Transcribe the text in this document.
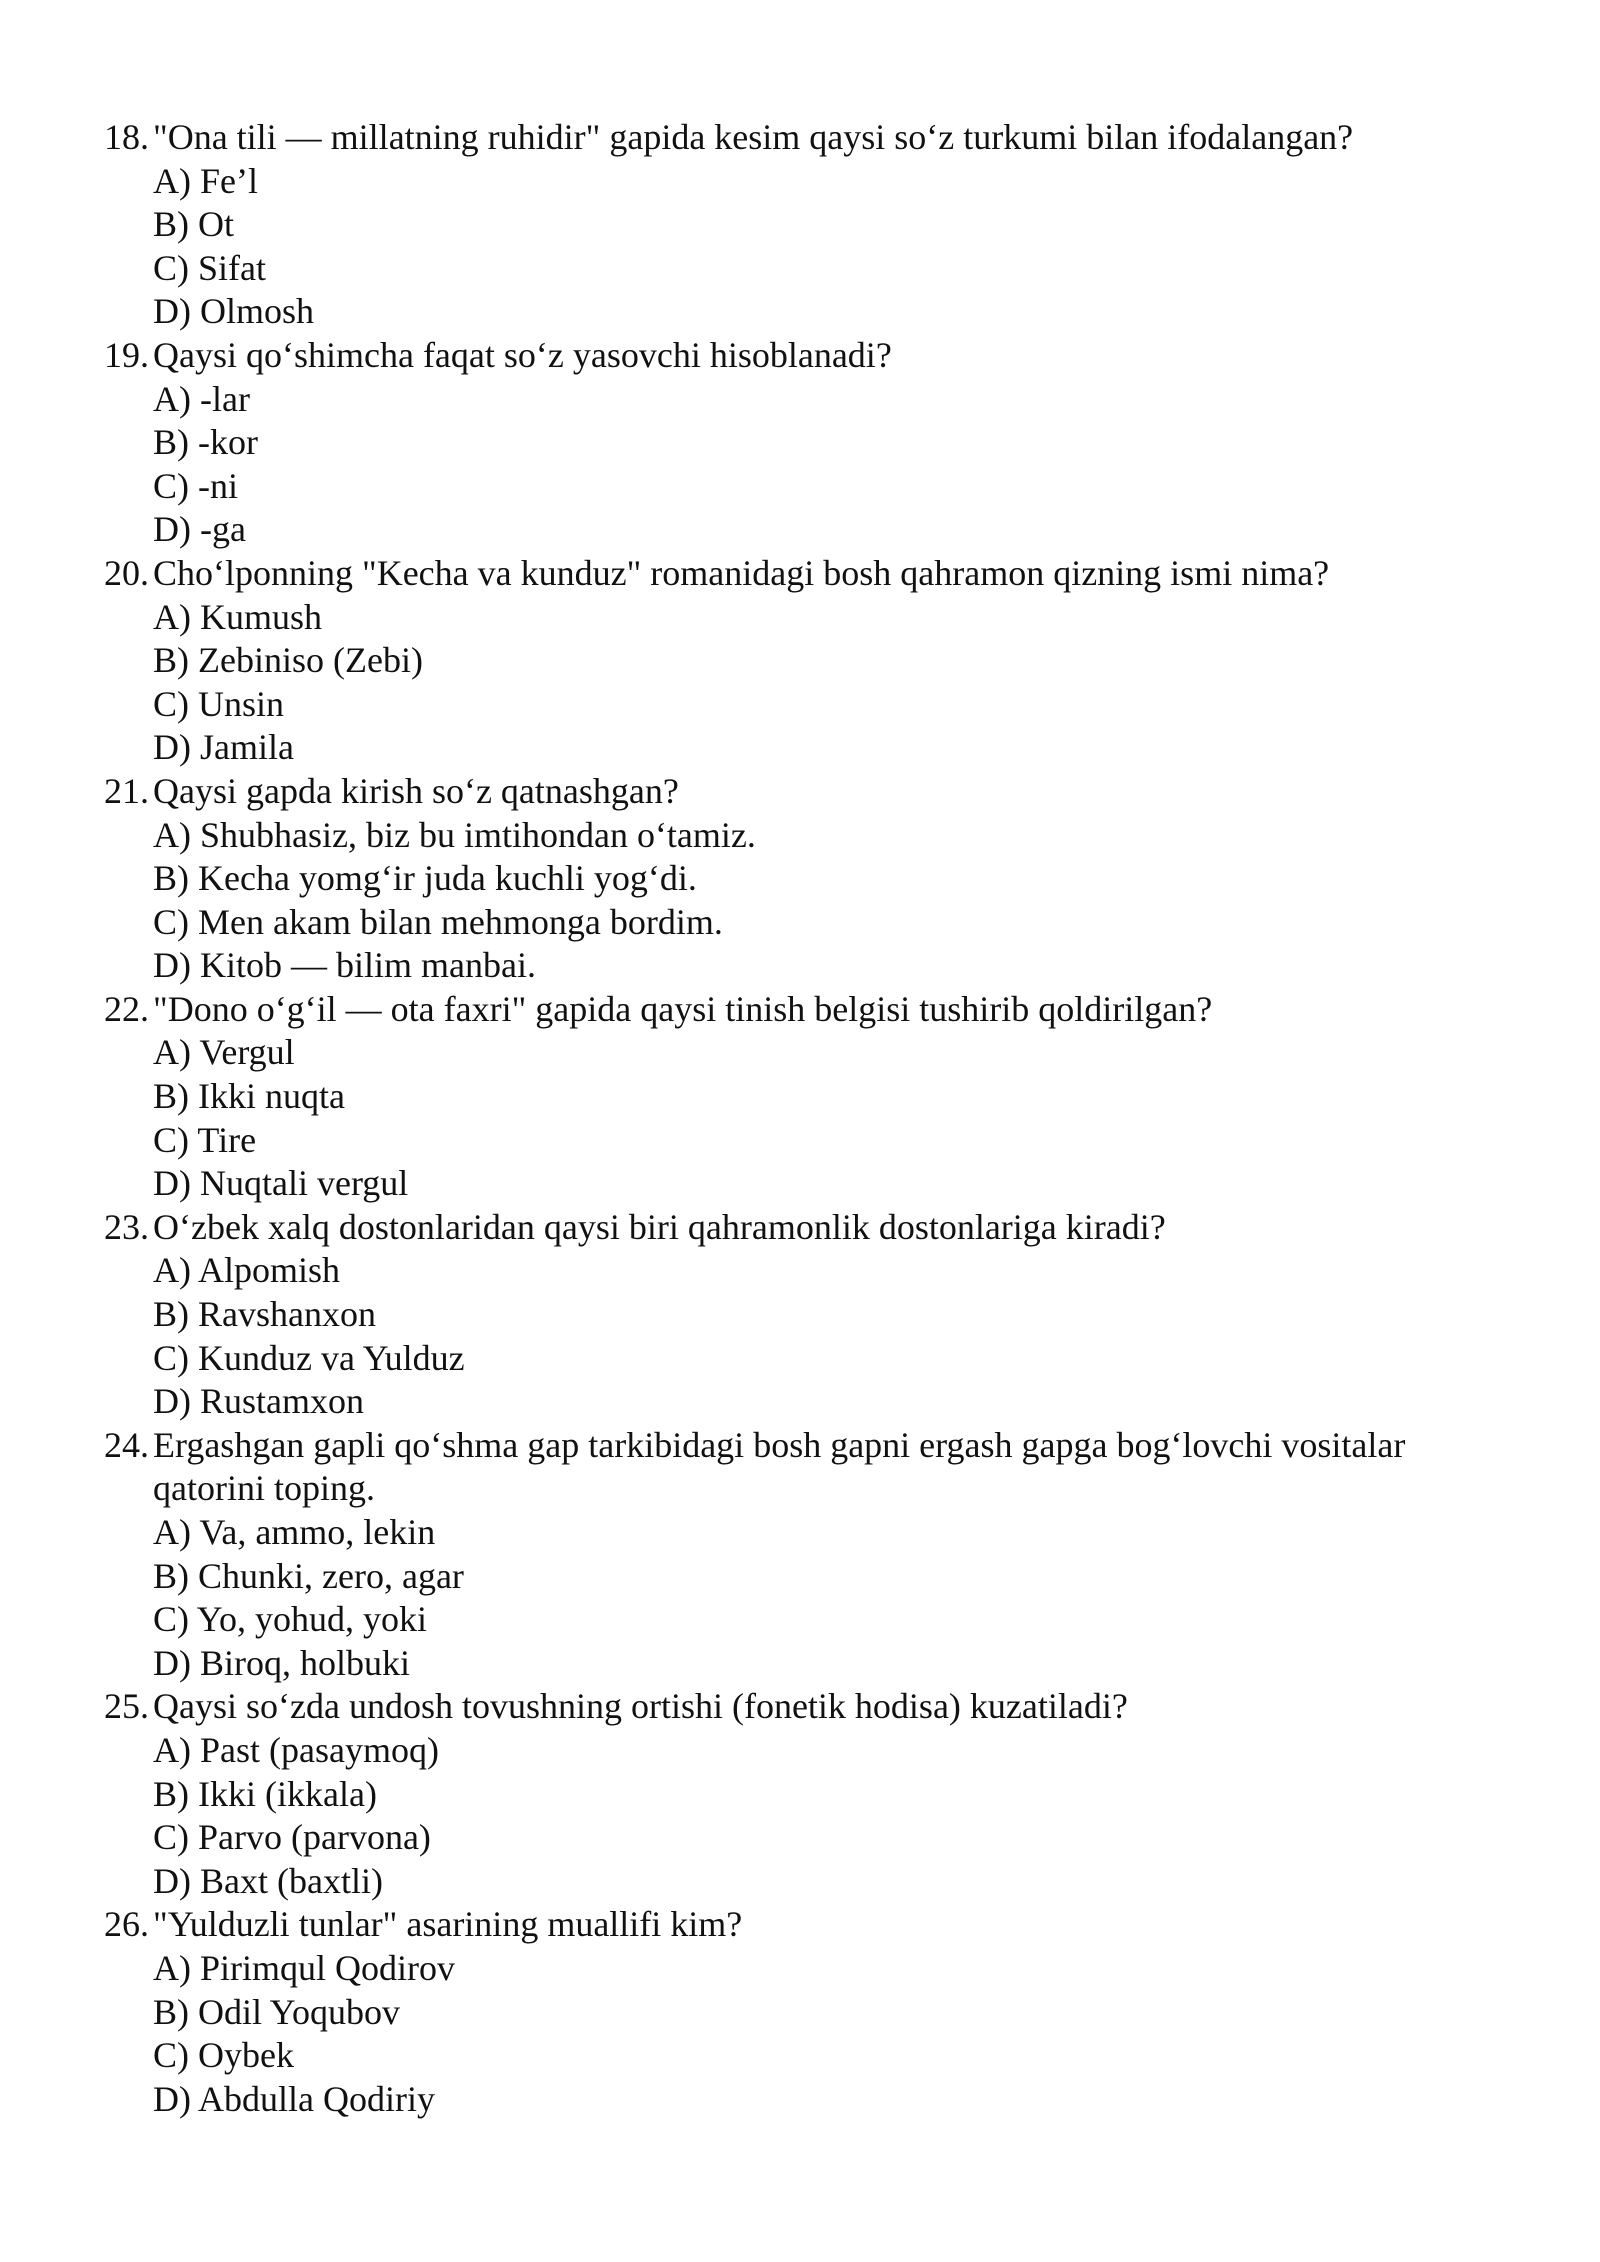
18. "Ona tili — millatning ruhidir" gapida kesim qaysi so‘z turkumi bilan ifodalangan?
A) Fe’l
B) Ot
C) Sifat
D) Olmosh
19. Qaysi qo‘shimcha faqat so‘z yasovchi hisoblanadi?
A) -lar
B) -kor
C) -ni
D) -ga
20. Cho‘lponning "Kecha va kunduz" romanidagi bosh qahramon qizning ismi nima?
A) Kumush
B) Zebiniso (Zebi)
C) Unsin
D) Jamila
21. Qaysi gapda kirish so‘z qatnashgan?
A) Shubhasiz, biz bu imtihondan o‘tamiz.
B) Kecha yomg‘ir juda kuchli yog‘di.
C) Men akam bilan mehmonga bordim.
D) Kitob — bilim manbai.
22. "Dono o‘g‘il — ota faxri" gapida qaysi tinish belgisi tushirib qoldirilgan?
A) Vergul
B) Ikki nuqta
C) Tire
D) Nuqtali vergul
23. O‘zbek xalq dostonlaridan qaysi biri qahramonlik dostonlariga kiradi?
A) Alpomish
B) Ravshanxon
C) Kunduz va Yulduz
D) Rustamxon
24. Ergashgan gapli qo‘shma gap tarkibidagi bosh gapni ergash gapga bog‘lovchi vositalar qatorini toping.
A) Va, ammo, lekin
B) Chunki, zero, agar
C) Yo, yohud, yoki
D) Biroq, holbuki
25. Qaysi so‘zda undosh tovushning ortishi (fonetik hodisa) kuzatiladi?
A) Past (pasaymoq)
B) Ikki (ikkala)
C) Parvo (parvona)
D) Baxt (baxtli)
26. "Yulduzli tunlar" asarining muallifi kim?
A) Pirimqul Qodirov
B) Odil Yoqubov
C) Oybek
D) Abdulla Qodiriy
